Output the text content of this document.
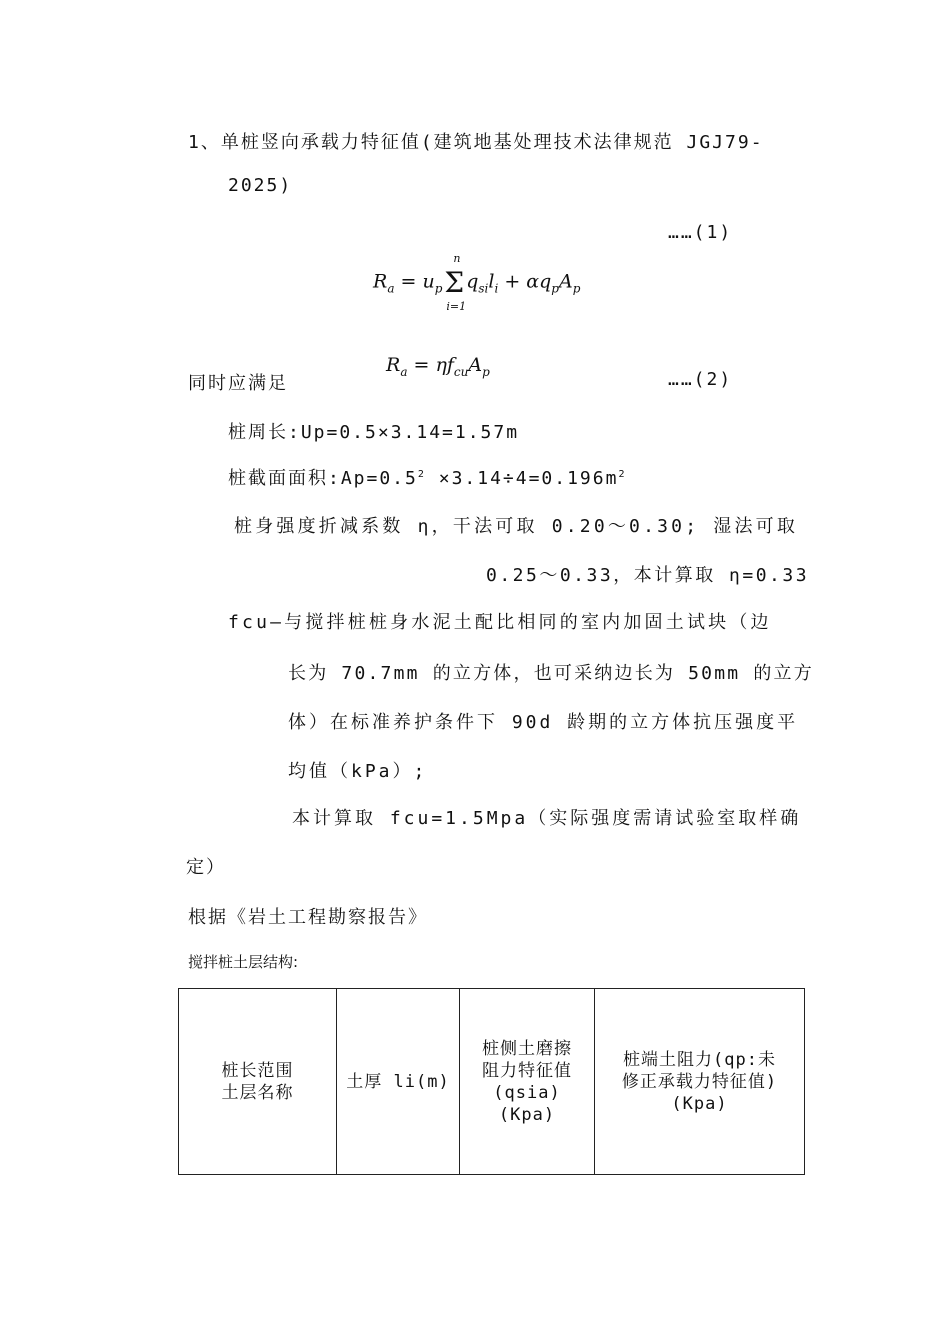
1、单桩竖向承载力特征值(建筑地基处理技术法律规范 JGJ79-
2025)
……(1)
$R_a = u_p\Sigma$
n
i=1
$q_{si}l_i + \alpha q_pA_p$
同时应满足
$R_a = \eta f_{cu}A_p$	……(2)
桩周长:Up=0.5×3.14=1.57m
桩截面面积$:Ap=0.5^2 \times 3.14\div 4=0.196m^2$
桩身强度折减系数 η，干法可取 0.20～0.30; 湿法可取
0.25～0.33，本计算取 η=0.33
fcu—与搅拌桩桩身水泥土配比相同的室内加固土试块（边
长为 70.7mm 的立方体，也可采纳边长为 50mm 的立方
体）在标准养护条件下 90d 龄期的立方体抗压强度平
均值（kPa）;
本计算取 fcu=1.5Mpa（实际强度需请试验室取样确
定）
根据《岩土工程勘察报告》
搅拌桩土层结构:
桩长范围
土层名称

土厚 li(m)

桩侧土磨擦
阻力特征值
(qsia)
(Kpa)

桩端土阻力(qp:未
修正承载力特征值)
(Kpa)
